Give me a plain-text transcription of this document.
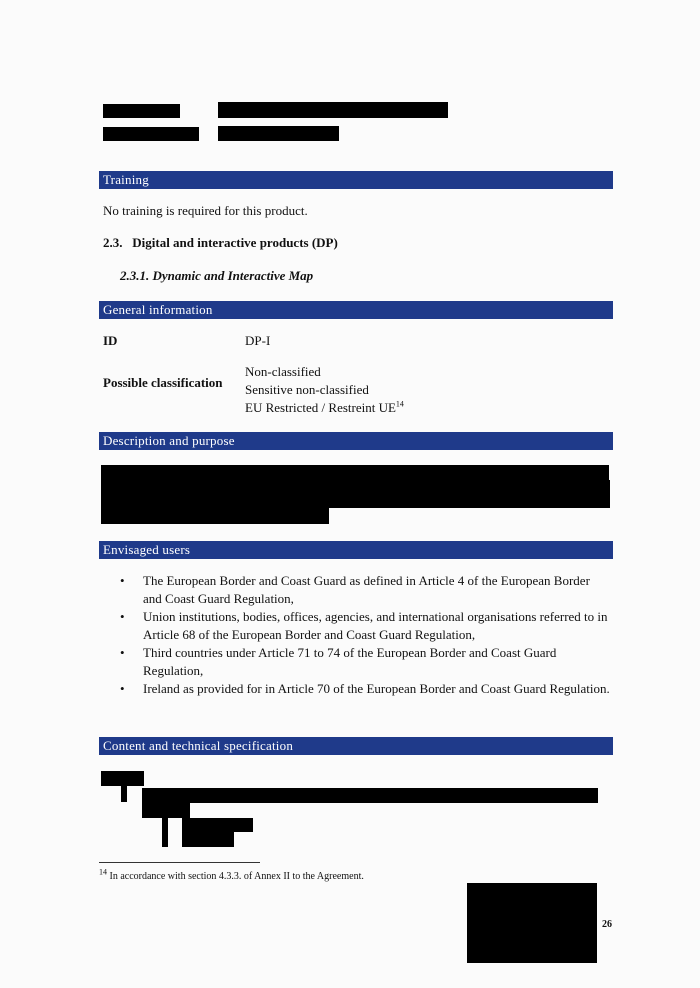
Training
No training is required for this product.
2.3.   Digital and interactive products (DP)
2.3.1. Dynamic and Interactive Map
General information
ID	DP-I
Possible classification
Non-classified
Sensitive non-classified
EU Restricted / Restreint UE$^{14}$
Description and purpose
Envisaged users
• The European Border and Coast Guard as defined in Article 4 of the European Border and Coast Guard Regulation,
• Union institutions, bodies, offices, agencies, and international organisations referred to in Article 68 of the European Border and Coast Guard Regulation,
• Third countries under Article 71 to 74 of the European Border and Coast Guard Regulation,
• Ireland as provided for in Article 70 of the European Border and Coast Guard Regulation.
Content and technical specification
$^{14}$ In accordance with section 4.3.3. of Annex II to the Agreement.
26
